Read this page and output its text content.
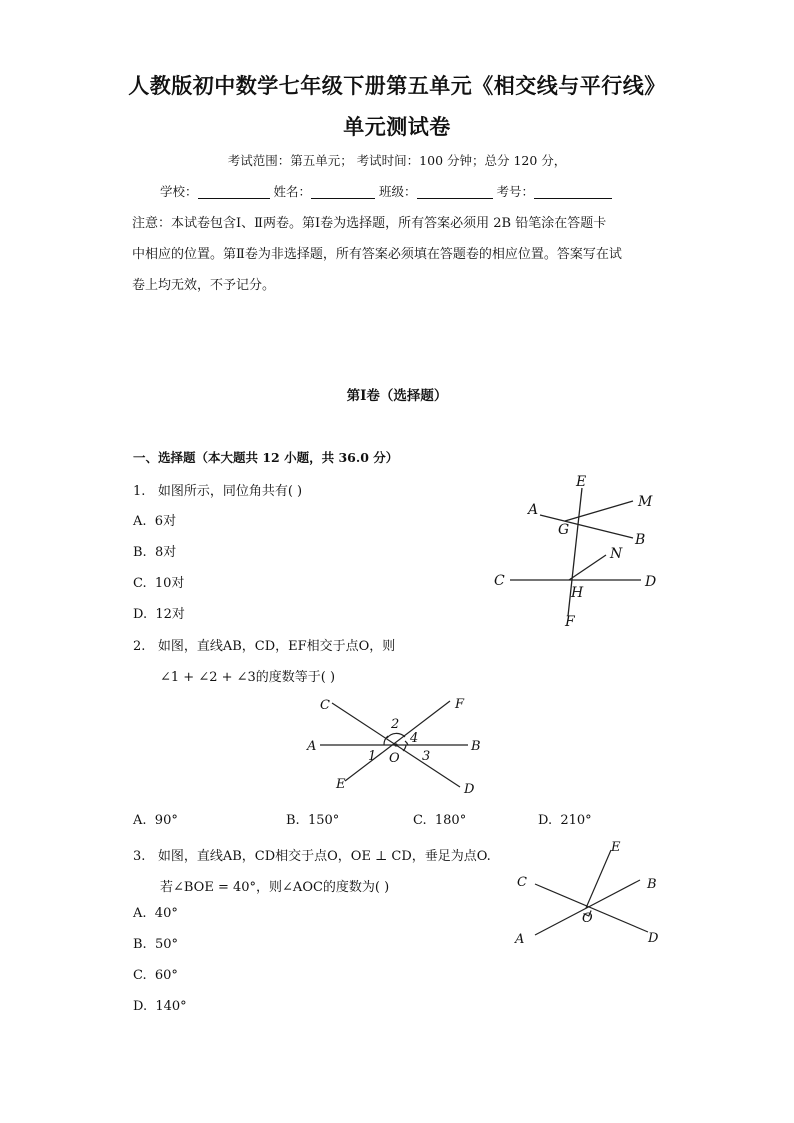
人教版初中数学七年级下册第五单元《相交线与平行线》
单元测试卷
考试范围：第五单元； 考试时间：100 分钟；总分 120 分，
学校：	姓名：	班级：	考号：
注意：本试卷包含Ⅰ、Ⅱ两卷。第Ⅰ卷为选择题，所有答案必须用 2B 铅笔涂在答题卡
中相应的位置。第Ⅱ卷为非选择题，所有答案必须填在答题卷的相应位置。答案写在试
卷上均无效，不予记分。
第Ⅰ卷（选择题）
一、选择题（本大题共 12 小题，共 36.0 分）
1. 如图所示，同位角共有( )
A. 6对
B. 8对
C. 10对
D. 12对
E
A	M
G
B
N
C
H
D
F
2. 如图，直线AB，CD，EF相交于点O，则
∠1 + ∠2 + ∠3的度数等于( )
C	F
2
4
A
1 O 3
B
E	D
A. 90°	B. 150°	C. 180°	D. 210°
3. 如图，直线AB，CD相交于点O，OE ⊥ CD，垂足为点O.
若∠BOE = 40°，则∠AOC的度数为( )
A. 40°
B. 50°
C. 60°
D. 140°
E
C	B
O
A	D
